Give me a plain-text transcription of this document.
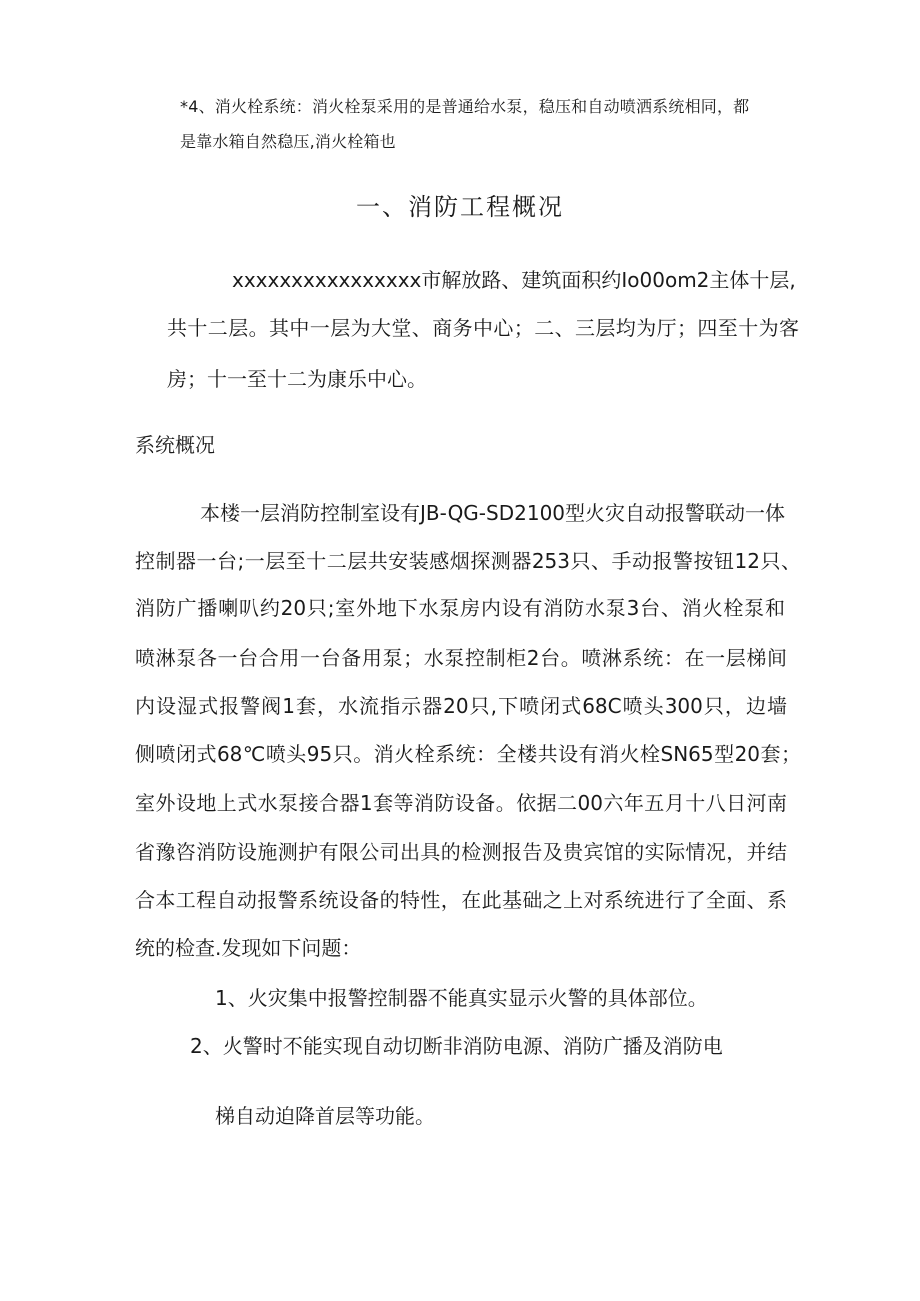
*4、消火栓系统：消火栓泵采用的是普通给水泵，稳压和自动喷洒系统相同，都
是靠水箱自然稳压,消火栓箱也
一、消防工程概况
xxxxxxxxxxxxxxxx市解放路、建筑面积约Io00om2主体十层,
共十二层。其中一层为大堂、商务中心；二、三层均为厅；四至十为客
房；十一至十二为康乐中心。
系统概况
本楼一层消防控制室设有JB-QG-SD2100型火灾自动报警联动一体
控制器一台;一层至十二层共安装感烟探测器253只、手动报警按钮12只、
消防广播喇叭约20只;室外地下水泵房内设有消防水泵3台、消火栓泵和
喷淋泵各一台合用一台备用泵；水泵控制柜2台。喷淋系统：在一层梯间
内设湿式报警阀1套，水流指示器20只,下喷闭式68C喷头300只，边墙
侧喷闭式68℃喷头95只。消火栓系统：全楼共设有消火栓SN65型20套；
室外设地上式水泵接合器1套等消防设备。依据二00六年五月十八日河南
省豫咨消防设施测护有限公司出具的检测报告及贵宾馆的实际情况，并结
合本工程自动报警系统设备的特性，在此基础之上对系统进行了全面、系
统的检查.发现如下问题：
1、火灾集中报警控制器不能真实显示火警的具体部位。
2、火警时不能实现自动切断非消防电源、消防广播及消防电
梯自动迫降首层等功能。
